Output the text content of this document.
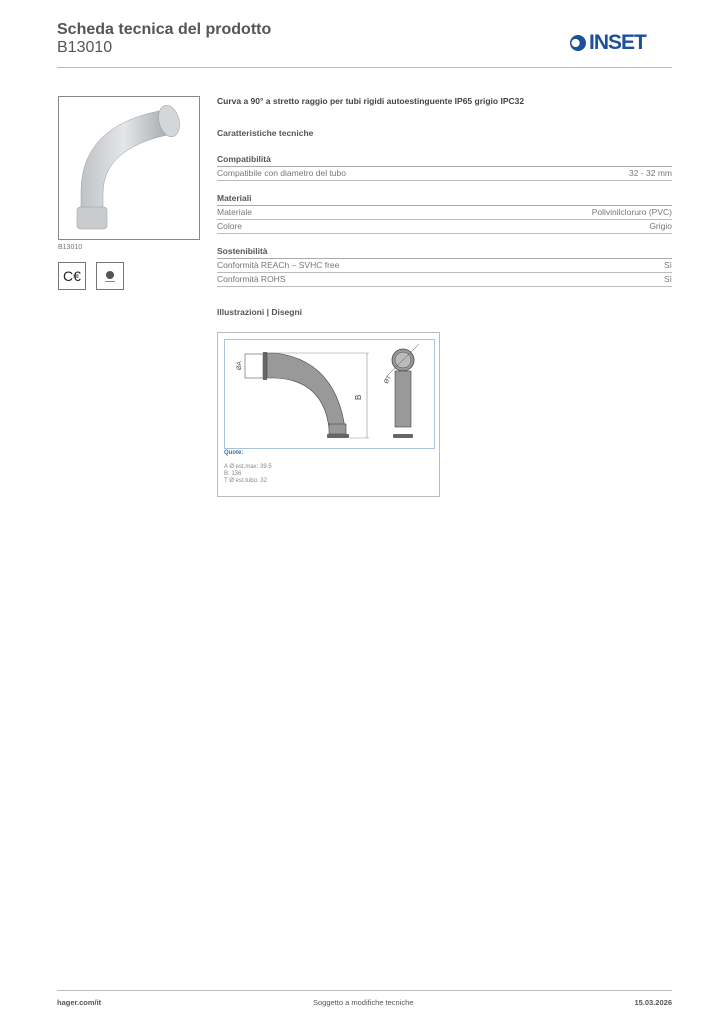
Scheda tecnica del prodotto
B13010	INSET
B13010
C€
Curva a 90° a stretto raggio per tubi rigidi autoestinguente IP65 grigio IPC32
Caratteristiche tecniche
Compatibilità
Compatibile con diametro del tubo	32 - 32 mm
Materiali
Materiale	Polivinilcloruro (PVC)
Colore	Grigio
Sostenibilità
Conformità REACh – SVHC free	Sì
Conformità ROHS	Sì
Illustrazioni | Disegni
B
ØA
ØT
Quote:
A Ø est.max: 39.5
B: 136
T Ø est.tubo: 32
hager.com/it	Soggetto a modifiche tecniche	15.03.2026
